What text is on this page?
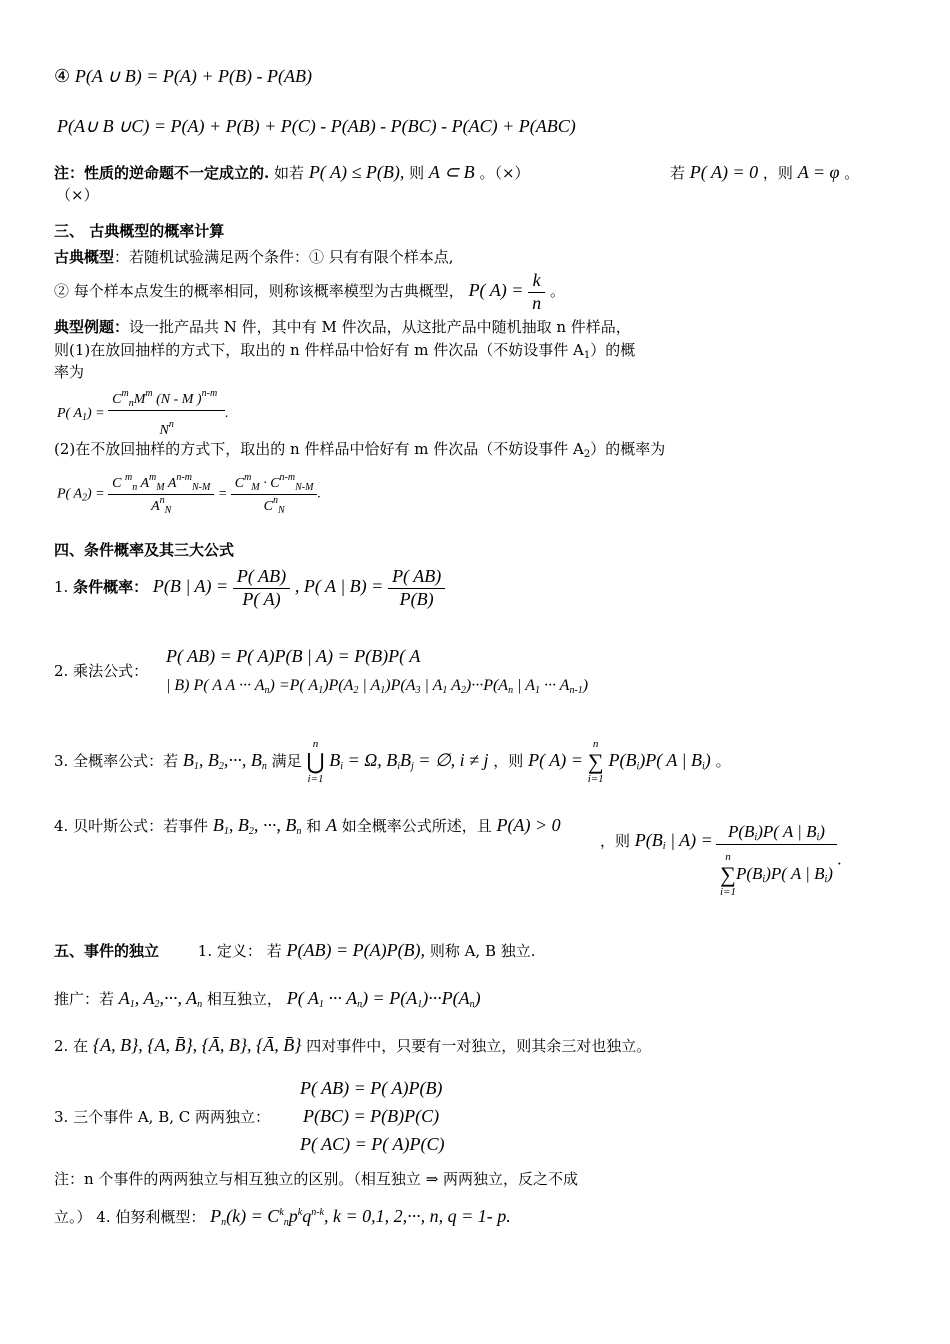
④ P(A ∪ B) = P(A) + P(B) - P(AB)
P(A∪ B ∪C) = P(A) + P(B) + P(C) - P(AB) - P(BC) - P(AC) + P(ABC)
注：性质的逆命题不一定成立的. 如若 P( A) ≤ P(B), 则 A ⊂ B 。（×）	若 P( A) = 0 ，则 A = φ 。
（×）
三、 古典概型的概率计算
古典概型：若随机试验满足两个条件：① 只有有限个样本点,
② 每个样本点发生的概率相同，则称该概率模型为古典概型， P( $A) = \frac{k}{n}$ 。
典型例题：设一批产品共 N 件，其中有 M 件次品，从这批产品中随机抽取 n 件样品，
则(1)在放回抽样的方式下，取出的 n 件样品中恰好有 m 件次品（不妨设事件 $A_1$）的概
率为
P( $A_1) = \frac{C^m_nM^m (N - M )^{n-m}}{N^n}$ .
(2)在不放回抽样的方式下，取出的 n 件样品中恰好有 m 件次品（不妨设事件 $A_2$）的概率为
P( $A_2) = \frac{C ^m_n A^m_M A^{n-m}_{N-M}}{A^n_N} = \frac{C^m_M \cdot C^{n-m}_{N-M}}{C^n_N}$ .
四、条件概率及其三大公式
1. 条件概率： P(B | $A) = \frac{P( AB)}{P( A)}$ , P( A | $B) = \frac{P( AB)}{P(B)}$
2. 乘法公式：
P( AB) = P( A)P(B | A) = P(B)P( A
| B) P( A A ··· $A_n) =P$( $A_1)P(A_2$ | $A_1)P(A_3$ | $A_1$ $A_2)\cdot\cdot\cdot P(A_n$ | $A_1$ ··· $A_{n-1}$)
3. 全概率公式：若 $B_1$, $B_2,\cdot\cdot\cdot$, $B_n$ 满足
n
⋃
i=1
$B_i = \Omega$, $B_iB_j$ = ∅, i ≠ j ，则 P( A) =
n
∑
i=1
$P(B_i)P$( A | $B_i$) 。
4. 贝叶斯公式：若事件 $B_1$, $B_2$, ···, $B_n$ 和 A 如全概率公式所述，且 P(A) > 0
，则 $P(B_i$ | $A) = P(B_i)P$( A | $B_i$)
n
∑
i=1
$P(B_i)P$( A | $B_i$) .
五、事件的独立	1. 定义： 若 P(AB) = P(A)P(B), 则称 A, B 独立.
推广：若 $A_1$, $A_2,\cdot\cdot\cdot$, $A_n$ 相互独立， P( $A_1$ ··· $A_n) = P(A_1)\cdot\cdot\cdot P(A_n)$
2. 在 {A, B}, {A, B̄}, {Ā, B}, {Ā, B̄} 四对事件中，只要有一对独立，则其余三对也独立。
3. 三个事件 A, B, C 两两独立：
P( AB) = P( A)P(B)
P(BC) = P(B)P(C)
P( AC) = P( A)P(C)
注：n 个事件的两两独立与相互独立的区别。（相互独立 ⇒ 两两独立，反之不成
立。） 4. 伯努利概型： $P_n(k) = C^k_np^kq^{n-k}$, k = 0,1, 2,···, n, q = 1- p.
